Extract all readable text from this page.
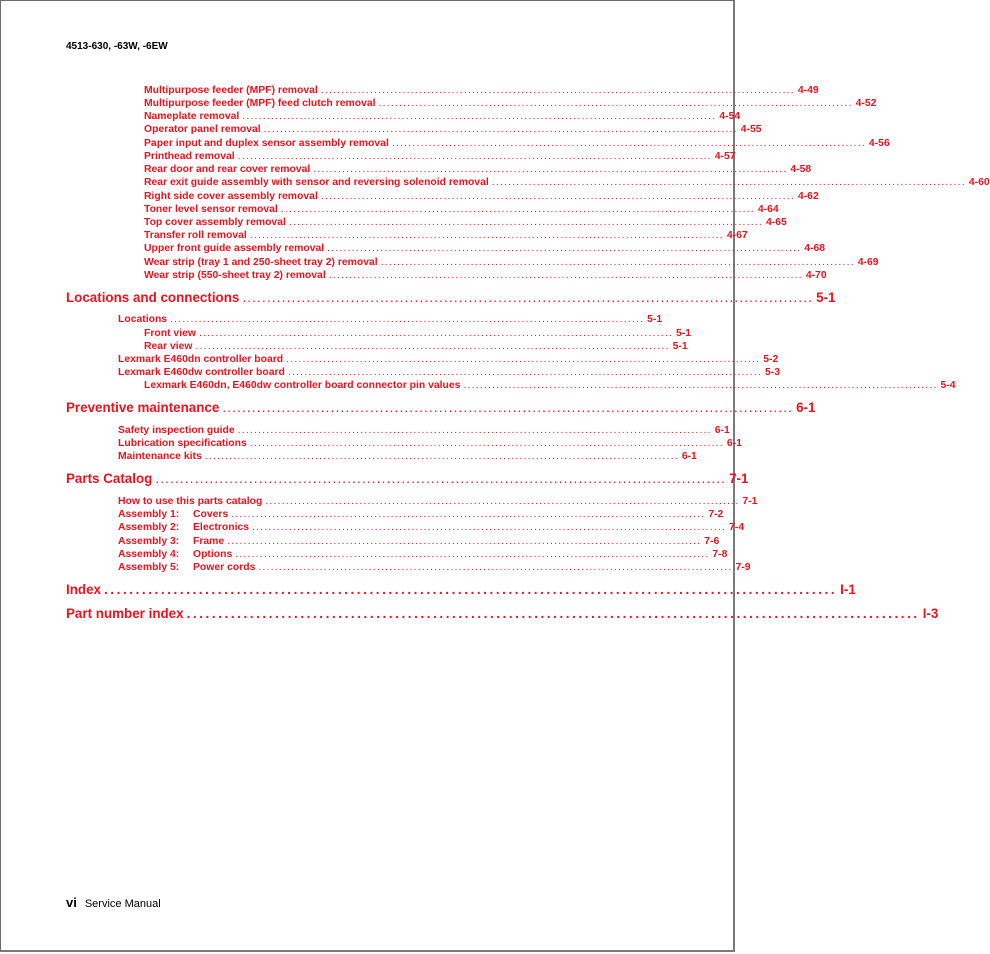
4513-630, -63W, -6EW
Multipurpose feeder (MPF) removal .................................................................................................................... 4-49
Multipurpose feeder (MPF) feed clutch removal .................................................................................................................... 4-52
Nameplate removal .................................................................................................................... 4-54
Operator panel removal .................................................................................................................... 4-55
Paper input and duplex sensor assembly removal .................................................................................................................... 4-56
Printhead removal .................................................................................................................... 4-57
Rear door and rear cover removal .................................................................................................................... 4-58
Rear exit guide assembly with sensor and reversing solenoid removal .................................................................................................................... 4-60
Right side cover assembly removal .................................................................................................................... 4-62
Toner level sensor removal .................................................................................................................... 4-64
Top cover assembly removal .................................................................................................................... 4-65
Transfer roll removal .................................................................................................................... 4-67
Upper front guide assembly removal .................................................................................................................... 4-68
Wear strip (tray 1 and 250-sheet tray 2) removal .................................................................................................................... 4-69
Wear strip (550-sheet tray 2) removal .................................................................................................................... 4-70
Locations and connections .................................................................................................................... 5-1
Locations .................................................................................................................... 5-1
Front view .................................................................................................................... 5-1
Rear view .................................................................................................................... 5-1
Lexmark E460dn controller board .................................................................................................................... 5-2
Lexmark E460dw controller board .................................................................................................................... 5-3
Lexmark E460dn, E460dw controller board connector pin values .................................................................................................................... 5-4
Preventive maintenance .................................................................................................................... 6-1
Safety inspection guide .................................................................................................................... 6-1
Lubrication specifications .................................................................................................................... 6-1
Maintenance kits .................................................................................................................... 6-1
Parts Catalog .................................................................................................................... 7-1
How to use this parts catalog .................................................................................................................... 7-1
Assembly 1: Covers .................................................................................................................... 7-2
Assembly 2: Electronics .................................................................................................................... 7-4
Assembly 3: Frame .................................................................................................................... 7-6
Assembly 4: Options .................................................................................................................... 7-8
Assembly 5: Power cords .................................................................................................................... 7-9
Index .................................................................................................................... I-1
Part number index .................................................................................................................... I-3
vi Service Manual
